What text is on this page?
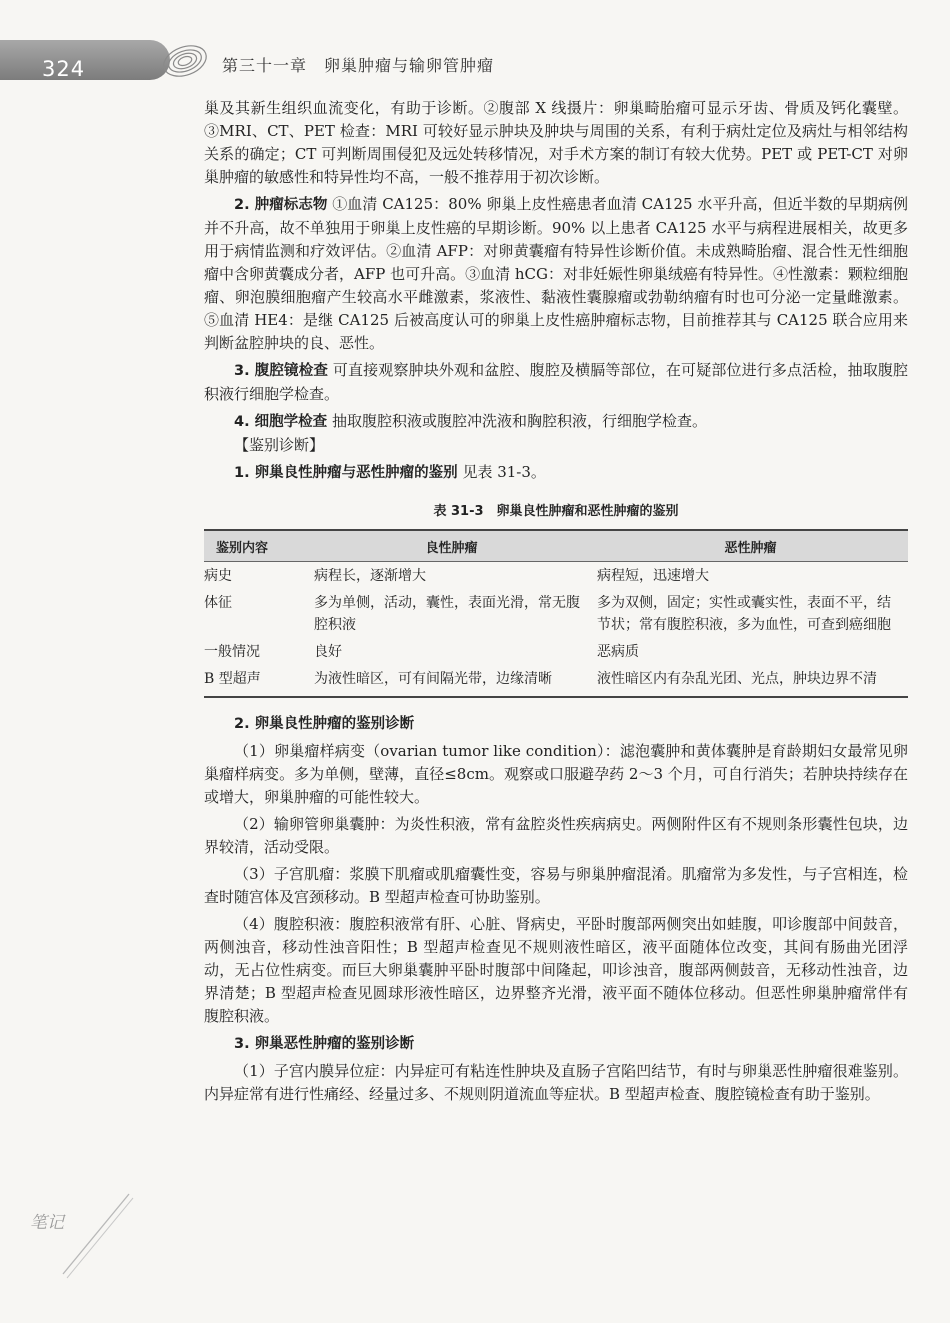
324	第三十一章　卵巢肿瘤与输卵管肿瘤

巢及其新生组织血流变化，有助于诊断。②腹部 X 线摄片：卵巢畸胎瘤可显示牙齿、骨质及钙化囊壁。③MRI、CT、PET 检查：MRI 可较好显示肿块及肿块与周围的关系，有利于病灶定位及病灶与相邻结构关系的确定；CT 可判断周围侵犯及远处转移情况，对手术方案的制订有较大优势。PET 或 PET-CT 对卵巢肿瘤的敏感性和特异性均不高，一般不推荐用于初次诊断。

2. 肿瘤标志物 ①血清 CA125：80% 卵巢上皮性癌患者血清 CA125 水平升高，但近半数的早期病例并不升高，故不单独用于卵巢上皮性癌的早期诊断。90% 以上患者 CA125 水平与病程进展相关，故更多用于病情监测和疗效评估。②血清 AFP：对卵黄囊瘤有特异性诊断价值。未成熟畸胎瘤、混合性无性细胞瘤中含卵黄囊成分者，AFP 也可升高。③血清 hCG：对非妊娠性卵巢绒癌有特异性。④性激素：颗粒细胞瘤、卵泡膜细胞瘤产生较高水平雌激素，浆液性、黏液性囊腺瘤或勃勒纳瘤有时也可分泌一定量雌激素。⑤血清 HE4：是继 CA125 后被高度认可的卵巢上皮性癌肿瘤标志物，目前推荐其与 CA125 联合应用来判断盆腔肿块的良、恶性。

3. 腹腔镜检查 可直接观察肿块外观和盆腔、腹腔及横膈等部位，在可疑部位进行多点活检，抽取腹腔积液行细胞学检查。

4. 细胞学检查 抽取腹腔积液或腹腔冲洗液和胸腔积液，行细胞学检查。

【鉴别诊断】

1. 卵巢良性肿瘤与恶性肿瘤的鉴别 见表 31-3。

表 31-3　卵巢良性肿瘤和恶性肿瘤的鉴别
鉴别内容	良性肿瘤	恶性肿瘤
病史	病程长，逐渐增大	病程短，迅速增大
体征	多为单侧，活动，囊性，表面光滑，常无腹腔积液	多为双侧，固定；实性或囊实性，表面不平，结节状；常有腹腔积液，多为血性，可查到癌细胞
一般情况	良好	恶病质
B 型超声	为液性暗区，可有间隔光带，边缘清晰	液性暗区内有杂乱光团、光点，肿块边界不清

2. 卵巢良性肿瘤的鉴别诊断

（1）卵巢瘤样病变（ovarian tumor like condition）：滤泡囊肿和黄体囊肿是育龄期妇女最常见卵巢瘤样病变。多为单侧，壁薄，直径≤8cm。观察或口服避孕药 2～3 个月，可自行消失；若肿块持续存在或增大，卵巢肿瘤的可能性较大。

（2）输卵管卵巢囊肿：为炎性积液，常有盆腔炎性疾病病史。两侧附件区有不规则条形囊性包块，边界较清，活动受限。

（3）子宫肌瘤：浆膜下肌瘤或肌瘤囊性变，容易与卵巢肿瘤混淆。肌瘤常为多发性，与子宫相连，检查时随宫体及宫颈移动。B 型超声检查可协助鉴别。

（4）腹腔积液：腹腔积液常有肝、心脏、肾病史，平卧时腹部两侧突出如蛙腹，叩诊腹部中间鼓音，两侧浊音，移动性浊音阳性；B 型超声检查见不规则液性暗区，液平面随体位改变，其间有肠曲光团浮动，无占位性病变。而巨大卵巢囊肿平卧时腹部中间隆起，叩诊浊音，腹部两侧鼓音，无移动性浊音，边界清楚；B 型超声检查见圆球形液性暗区，边界整齐光滑，液平面不随体位移动。但恶性卵巢肿瘤常伴有腹腔积液。

3. 卵巢恶性肿瘤的鉴别诊断

（1）子宫内膜异位症：内异症可有粘连性肿块及直肠子宫陷凹结节，有时与卵巢恶性肿瘤很难鉴别。内异症常有进行性痛经、经量过多、不规则阴道流血等症状。B 型超声检查、腹腔镜检查有助于鉴别。

笔记
